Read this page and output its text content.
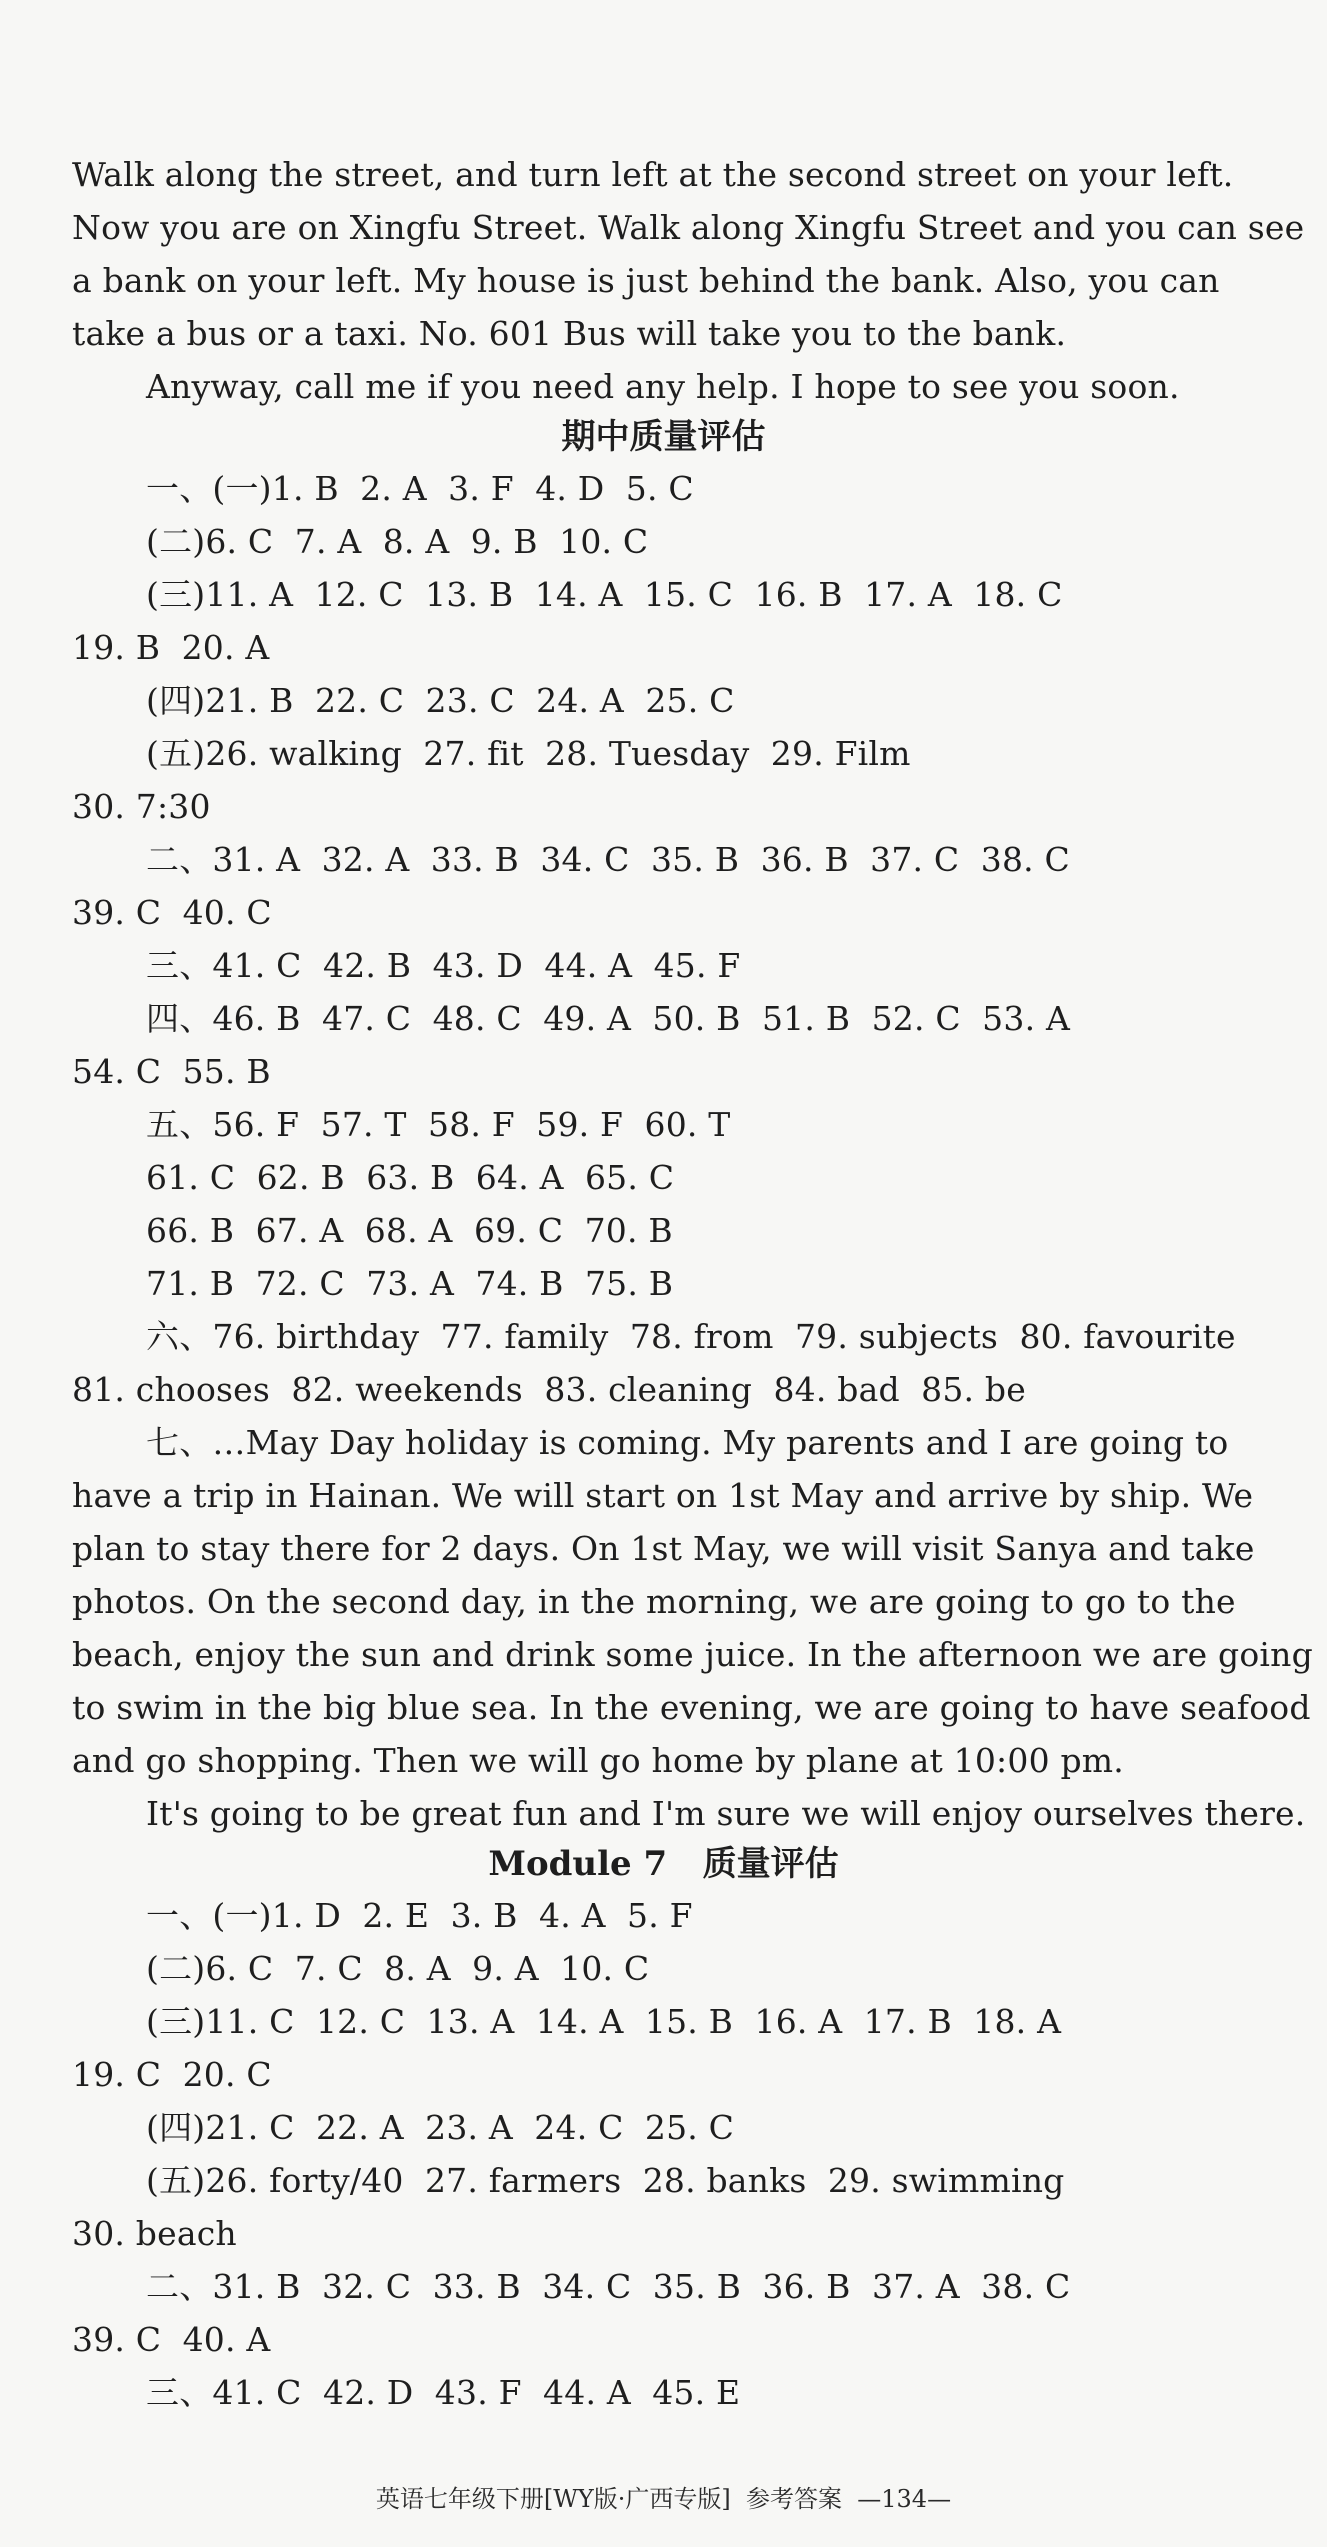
Walk along the street, and turn left at the second street on your left.
Now you are on Xingfu Street. Walk along Xingfu Street and you can see
a bank on your left. My house is just behind the bank. Also, you can
take a bus or a taxi. No. 601 Bus will take you to the bank.
Anyway, call me if you need any help. I hope to see you soon.
期中质量评估
一、(一)1. B  2. A  3. F  4. D  5. C
(二)6. C  7. A  8. A  9. B  10. C
(三)11. A  12. C  13. B  14. A  15. C  16. B  17. A  18. C
19. B  20. A
(四)21. B  22. C  23. C  24. A  25. C
(五)26. walking  27. fit  28. Tuesday  29. Film
30. 7:30
二、31. A  32. A  33. B  34. C  35. B  36. B  37. C  38. C
39. C  40. C
三、41. C  42. B  43. D  44. A  45. F
四、46. B  47. C  48. C  49. A  50. B  51. B  52. C  53. A
54. C  55. B
五、56. F  57. T  58. F  59. F  60. T
61. C  62. B  63. B  64. A  65. C
66. B  67. A  68. A  69. C  70. B
71. B  72. C  73. A  74. B  75. B
六、76. birthday  77. family  78. from  79. subjects  80. favourite
81. chooses  82. weekends  83. cleaning  84. bad  85. be
七、…May Day holiday is coming. My parents and I are going to
have a trip in Hainan. We will start on 1st May and arrive by ship. We
plan to stay there for 2 days. On 1st May, we will visit Sanya and take
photos. On the second day, in the morning, we are going to go to the
beach, enjoy the sun and drink some juice. In the afternoon we are going
to swim in the big blue sea. In the evening, we are going to have seafood
and go shopping. Then we will go home by plane at 10:00 pm.
It's going to be great fun and I'm sure we will enjoy ourselves there.
Module 7   质量评估
一、(一)1. D  2. E  3. B  4. A  5. F
(二)6. C  7. C  8. A  9. A  10. C
(三)11. C  12. C  13. A  14. A  15. B  16. A  17. B  18. A
19. C  20. C
(四)21. C  22. A  23. A  24. C  25. C
(五)26. forty/40  27. farmers  28. banks  29. swimming
30. beach
二、31. B  32. C  33. B  34. C  35. B  36. B  37. A  38. C
39. C  40. A
三、41. C  42. D  43. F  44. A  45. E
英语七年级下册[WY版·广西专版]  参考答案  —134—
